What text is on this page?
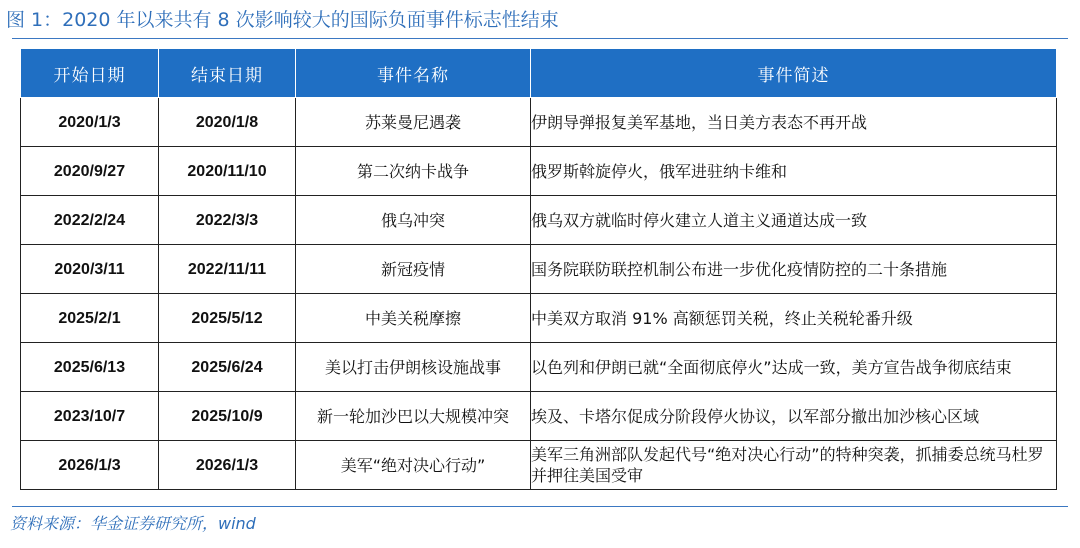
图 1：2020 年以来共有 8 次影响较大的国际负面事件标志性结束
开始日期	结束日期	事件名称	事件简述
2020/1/3	2020/1/8	苏莱曼尼遇袭	伊朗导弹报复美军基地，当日美方表态不再开战
2020/9/27	2020/11/10	第二次纳卡战争	俄罗斯斡旋停火，俄军进驻纳卡维和
2022/2/24	2022/3/3	俄乌冲突	俄乌双方就临时停火建立人道主义通道达成一致
2020/3/11	2022/11/11	新冠疫情	国务院联防联控机制公布进一步优化疫情防控的二十条措施
2025/2/1	2025/5/12	中美关税摩擦	中美双方取消 91% 高额惩罚关税，终止关税轮番升级
2025/6/13	2025/6/24	美以打击伊朗核设施战事	以色列和伊朗已就“全面彻底停火”达成一致，美方宣告战争彻底结束
2023/10/7	2025/10/9	新一轮加沙巴以大规模冲突	埃及、卡塔尔促成分阶段停火协议，以军部分撤出加沙核心区域
2026/1/3	2026/1/3	美军“绝对决心行动”	美军三角洲部队发起代号“绝对决心行动”的特种突袭，抓捕委总统马杜罗并押往美国受审
资料来源：华金证券研究所，wind
